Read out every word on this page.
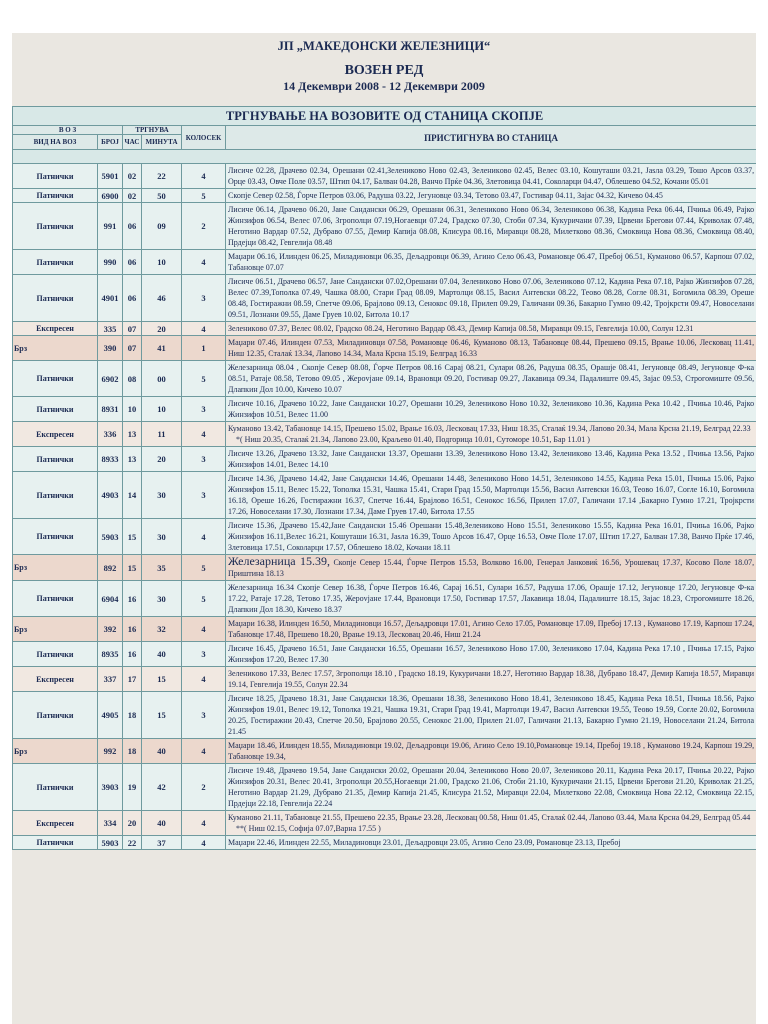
ЈП „МАКЕДОНСКИ ЖЕЛЕЗНИЦИ“
ВОЗЕН РЕД
14 Декември 2008 - 12 Декември 2009
ТРГНУВАЊЕ НА ВОЗОВИТЕ ОД СТАНИЦА СКОПЈЕ					
В О З		ТРГНУВА		КОЛОСЕК	ПРИСТИГНУВА ВО СТАНИЦА
ВИД НА ВОЗ	БРОЈ	ЧАС	МИНУТА		

Патнички	5901	02	22	4	Лисиче 02.28, Драчево 02.34, Орешани 02.41,Зелениково Ново 02.43, Зеленикoво 02.45, Велес 03.10, Кошуташи 03.21, Јаѕла 03.29, Тошо Арсов 03.37, Орце 03.43, Овче Поле 03.57, Штип 04.17, Балван 04.28, Ванчо Прќе 04.36, Злетовица 04.41, Соколарци 04.47, Облешево 04.52, Кочани 05.01
Патнички	6900	02	50	5	Скопје Север 02.58, Ѓорче Петров 03.06, Радуша 03.22, Јегуновце 03.34, Тетово 03.47, Гостивар 04.11, Зајас 04.32, Кичево 04.45
Патнички	991	06	09	2	Лисиче 06.14, Драчево 06.20, Јане Сандански 06.29, Орешани 06.31, Зеленикoво Ново 06.34, Зеленикoво 06.38, Кадина Река 06.44, Пчиња 06.49, Рајко Жинзифов 06.54, Велес 07.06, Згрополци 07.19,Ногаевци 07.24, Градско 07.30, Стоби 07.34, Кукуричани 07.39, Црвени Брегови 07.44, Криволак 07.48, Неготино Вардар 07.52, Дубраво 07.55, Демир Капија 08.08, Клисура 08.16, Миравци 08.28, Милетково 08.36, Смоквица Нова 08.36, Смоквица 08.40, Прдејци 08.42, Гевгелија 08.48
Патнички	990	06	10	4	Маџари 06.16, Илинден 06.25, Миладиновци 06.35, Дељадровци 06.39, Агино Село 06.43, Романовце 06.47, Пребој 06.51, Куманово 06.57, Карпош 07.02, Табановце 07.07
Патнички	4901	06	46	3	Лисиче 06.51, Драчево 06.57, Јане Сандански 07.02,Орешани 07.04, Зеленикoво Ново 07.06, Зеленикoво 07.12, Кадина Река 07.18, Рајко Жинзифов 07.28, Велес 07.39,Тополка 07.49, Чашка 08.00, Стари Град 08.09, Мартолци 08.15, Васил Антевски 08.22, Теово 08.28, Согле 08.31, Богомила 08.39, Ореше 08.48, Гостиражни 08.59, Спетче 09.06, Брајловo 09.13, Сенокос 09.18, Прилеп 09.29, Галичани 09.36, Бакарно Гумно 09.42, Тројкрсти 09.47, Новоселани 09.51, Лознани 09.55, Даме Груев 10.02, Битола 10.17
Експресен	335	07	20	4	Зеленикoво 07.37, Велес 08.02, Градско 08.24, Неготино Вардар 08.43, Демир Капија 08.58, Миравци 09.15, Гевгелија 10.00, Солун 12.31
Брз	390	07	41	1	Маџари 07.46, Илинден 07.53, Миладиновци 07.58, Романовце 06.46, Куманово 08.13, Табановце 08.44, Прешево 09.15, Врање 10.06, Лесковац 11.41, Ниш 12.35, Сталаќ 13.34, Лапово 14.34, Мала Крсна 15.19, Белград 16.33
Патнички	6902	08	00	5	Железарница 08.04 , Скопје Север 08.08, Ѓорче Петров 08.16 Сарај 08.21, Сулари 08.26, Радуша 08.35, Орашје 08.41, Јегуновце 08.49, Јегуновце Ф-ка 08.51, Ратаје 08.58, Тетово 09.05 , Жерovjане 09.14, Врановци 09.20, Гостивар 09.27, Лакавица 09.34, Падалиште 09.45, Зајас 09.53, Строгомиште 09.56, Длапкин Дол 10.00, Кичево 10.07
Патнички	8931	10	10	3	Лисиче 10.16, Драчево 10.22, Јане Сандански 10.27, Орешани 10.29, Зеленикoво Ново 10.32, Зеленикoво 10.36, Кадина Река 10.42 , Пчиња 10.46, Рајко Жинзифов 10.51, Велес 11.00
Експресен	336	13	11	4	Куманово 13.42, Табановце 14.15, Прешево 15.02, Врање 16.03, Лесковац 17.33, Ниш 18.35, Сталаќ 19.34, Лапово 20.34, Мала Крсна 21.19, Белград 22.33
*( Ниш 20.35, Сталаќ 21.34, Лапово 23.00, Краљево 01.40, Подгорица 10.01, Сутоморе 10.51, Бар 11.01 )
Патнички	8933	13	20	3	Лисиче 13.26, Драчево 13.32, Јане Сандански 13.37, Орешани 13.39, Зеленикoво Ново 13.42, Зеленикoво 13.46, Кадина Река 13.52 , Пчиња 13.56, Рајко Жинзифов 14.01, Велес 14.10
Патнички	4903	14	30	3	Лисиче 14.36, Драчево 14.42, Јане Сандански 14.46, Орешани 14.48, Зеленикoво Ново 14.51, Зеленикoво 14.55, Кадина Река 15.01, Пчиња 15.06, Рајко Жинзифов 15.11, Велес 15.22, Тополка 15.31, Чашка 15.41, Стари Град 15.50, Мартолци 15.56, Васил Антевски 16.03, Теово 16.07, Согле 16.10, Богомила 16.18, Ореше 16.26, Гостиражни 16.37, Спетче 16.44, Брајловo 16.51, Сенокос 16.56, Прилеп 17.07, Галичани 17.14 ,Бакарно Гумно 17.21, Тројкрсти 17.26, Новоселани 17.30, Лознани 17.34, Даме Груев 17.40, Битола 17.55
Патнички	5903	15	30	4	Лисиче 15.36, Драчево 15.42,Јане Сандански 15.46 Орешани 15.48,Зеленикoво Ново 15.51, Зеленикoво 15.55, Кадина Река 16.01, Пчиња 16.06, Рајко Жинзифов 16.11,Велес 16.21, Кошуташи 16.31, Јаѕла 16.39, Тошо Арсов 16.47, Орце 16.53, Овче Поле 17.07, Штип 17.27, Балван 17.38, Ванчо Прќе 17.46, Злетовица 17.51, Соколарци 17.57, Облешево 18.02, Кочани 18.11
Брз	892	15	35	5	Железарница 15.39, Скопје Север 15.44, Ѓорче Петров 15.53, Волково 16.00, Генерал Јанковиќ 16.56, Урошевац 17.37, Косово Поле 18.07, Приштина 18.13
Патнички	6904	16	30	5	Железарница 16.34 Скопје Север 16.38, Ѓорче Петров 16.46, Сарај 16.51, Сулари 16.57, Радуша 17.06, Орашје 17.12, Јегуновце 17.20, Јегуновце Ф-ка 17.22, Ратаје 17.28, Тетово 17.35, Жерovjане 17.44, Врановци 17.50, Гостивар 17.57, Лакавица 18.04, Падалиште 18.15, Зајас 18.23, Строгомиште 18.26, Длапкин Дол 18.30, Кичево 18.37
Брз	392	16	32	4	Маџари 16.38, Илинден 16.50, Миладиновци 16.57, Дељадровци 17.01, Агино Село 17.05, Романовце 17.09, Пребој 17.13 , Куманово 17.19, Карпош 17.24, Табановце 17.48, Прешево 18.20, Врање 19.13, Лесковац 20.46, Ниш 21.24
Патнички	8935	16	40	3	Лисиче 16.45, Драчево 16.51, Јане Сандански 16.55, Орешани 16.57, Зеленикoво Ново 17.00, Зеленикoво 17.04, Кадина Река 17.10 , Пчиња 17.15, Рајко Жинзифов 17.20, Велес 17.30
Експресен	337	17	15	4	Зеленикoво 17.33, Велес 17.57, Згрополци 18.10 , Градско 18.19, Кукуричани 18.27, Неготино Вардар 18.38, Дубраво 18.47, Демир Капија 18.57, Миравци 19.14, Гевгелија 19.55, Солун 22.34
Патнички	4905	18	15	3	Лисиче 18.25, Драчево 18.31, Јане Сандански 18.36, Орешани 18.38, Зеленикoво Ново 18.41, Зеленикoво 18.45, Кадина Река 18.51, Пчиња 18.56, Рајко Жинзифов 19.01, Велес 19.12, Тополка 19.21, Чашка 19.31, Стари Град 19.41, Мартолци 19.47, Васил Антевски 19.55, Теово 19.59, Согле 20.02, Богомила 20.25, Гостиражни 20.43, Спетче 20.50, Брајловo 20.55, Сенокос 21.00, Прилеп 21.07, Галичани 21.13, Бакарно Гумно 21.19, Новоселани 21.24, Битола 21.45
Брз	992	18	40	4	Маџари 18.46, Илинден 18.55, Миладиновци 19.02, Дељадровци 19.06, Агино Село 19.10,Романовце 19.14, Пребој 19.18 , Куманово 19.24, Карпош 19.29, Табановце 19.34,
Патнички	3903	19	42	2	Лисиче 19.48, Драчево 19.54, Јане Сандански 20.02, Орешани 20.04, Зеленикoво Ново 20.07, Зеленикoво 20.11, Кадина Река 20.17, Пчиња 20.22, Рајко Жинзифов 20.31, Велес 20.41, Згрополци 20.55,Ногаевци 21.00, Градско 21.06, Стоби 21.10, Кукуричани 21.15, Црвени Брегови 21.20, Криволак 21.25, Неготино Вардар 21.29, Дубраво 21.35, Демир Капија 21.45, Клисура 21.52, Миравци 22.04, Милетково 22.08, Смоквица Нова 22.12, Смоквица 22.15, Прдејци 22.18, Гевгелија 22.24
Експресен	334	20	40	4	Куманово 21.11, Табановце 21.55, Прешево 22.35, Врање 23.28, Лесковац 00.58, Ниш 01.45, Сталаќ 02.44, Лапово 03.44, Мала Крсна 04.29, Белград 05.44
**( Ниш 02.15, Софија 07.07,Варна 17.55 )
Патнички	5903	22	37	4	Маџари 22.46, Илинден 22.55, Миладиновци 23.01, Дељадровци 23.05, Агино Село 23.09, Романовце 23.13, Пребој
